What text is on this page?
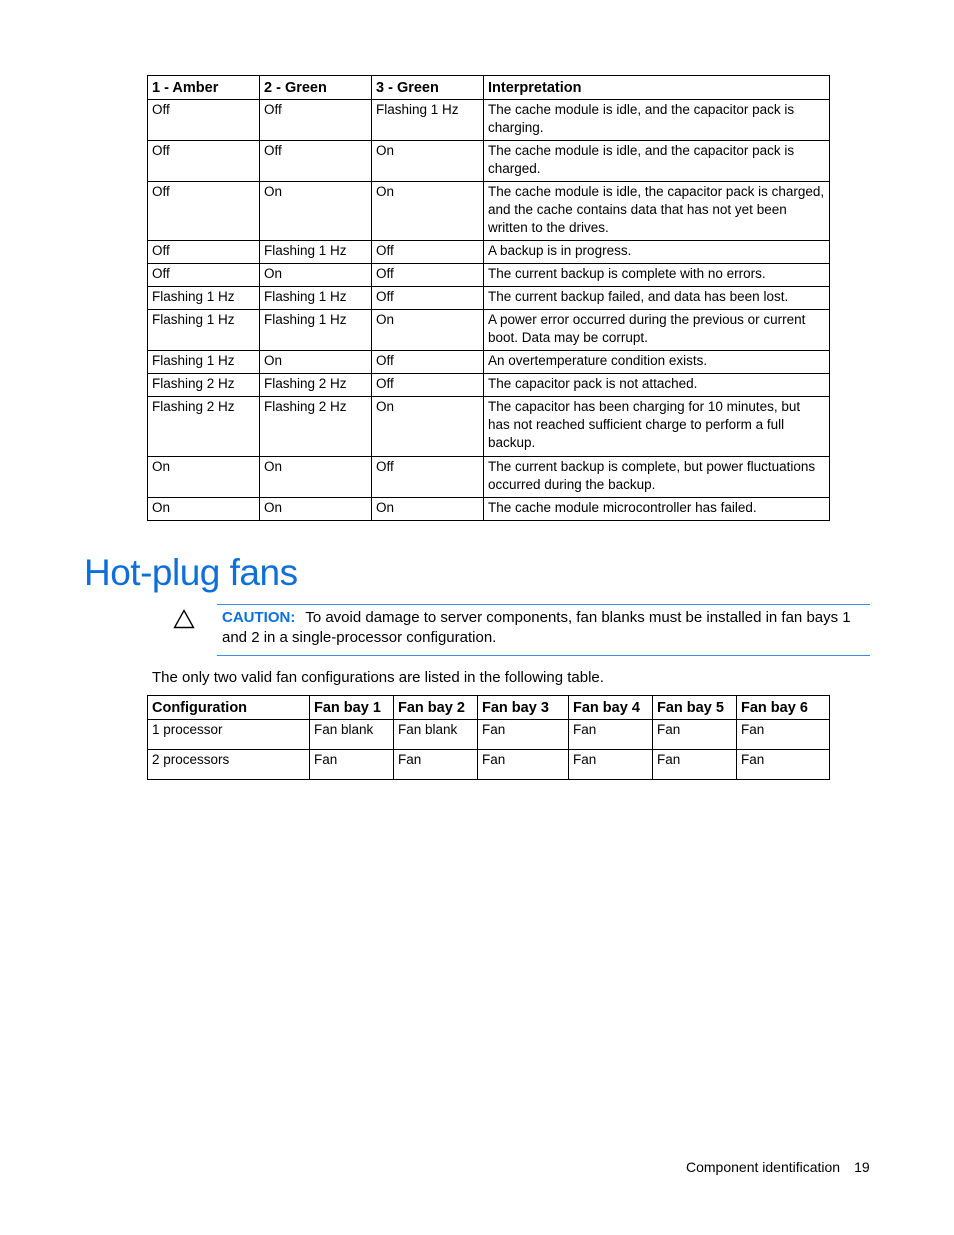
1 - Amber	2 - Green	3 - Green	Interpretation
Off	Off	Flashing 1 Hz	The cache module is idle, and the capacitor pack is charging.
Off	Off	On	The cache module is idle, and the capacitor pack is charged.
Off	On	On	The cache module is idle, the capacitor pack is charged, and the cache contains data that has not yet been written to the drives.
Off	Flashing 1 Hz	Off	A backup is in progress.
Off	On	Off	The current backup is complete with no errors.
Flashing 1 Hz	Flashing 1 Hz	Off	The current backup failed, and data has been lost.
Flashing 1 Hz	Flashing 1 Hz	On	A power error occurred during the previous or current boot. Data may be corrupt.
Flashing 1 Hz	On	Off	An overtemperature condition exists.
Flashing 2 Hz	Flashing 2 Hz	Off	The capacitor pack is not attached.
Flashing 2 Hz	Flashing 2 Hz	On	The capacitor has been charging for 10 minutes, but has not reached sufficient charge to perform a full backup.
On	On	Off	The current backup is complete, but power fluctuations occurred during the backup.
On	On	On	The cache module microcontroller has failed.
Hot-plug fans
CAUTION: To avoid damage to server components, fan blanks must be installed in fan bays 1 and 2 in a single-processor configuration.
The only two valid fan configurations are listed in the following table.
Configuration	Fan bay 1	Fan bay 2	Fan bay 3	Fan bay 4	Fan bay 5	Fan bay 6
1 processor	Fan blank	Fan blank	Fan	Fan	Fan	Fan
2 processors	Fan	Fan	Fan	Fan	Fan	Fan
Component identification 19
